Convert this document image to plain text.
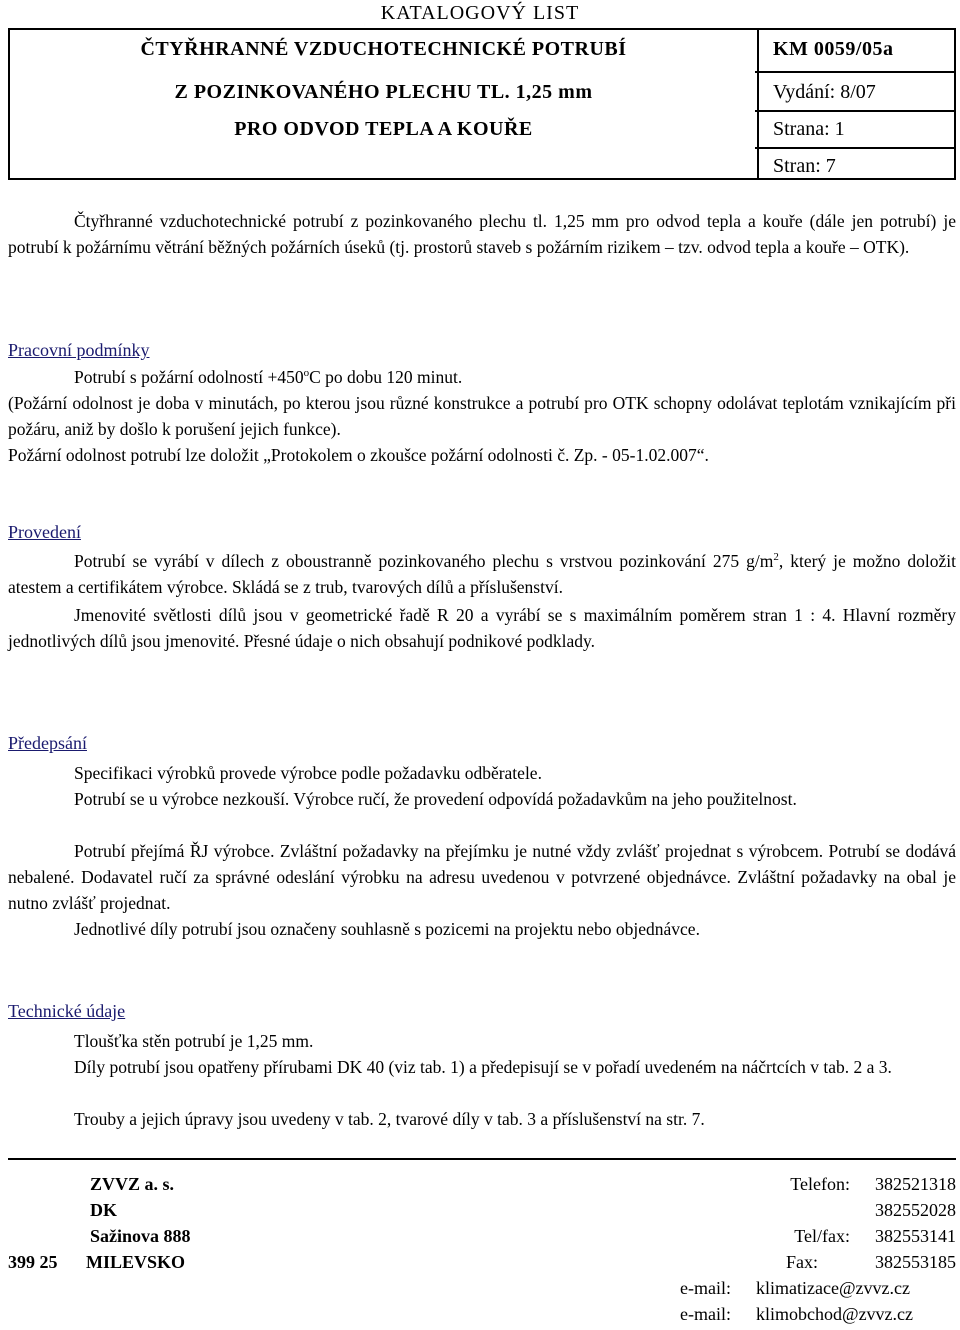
KATALOGOVÝ LIST
ČTYŘHRANNÉ VZDUCHOTECHNICKÉ POTRUBÍ
Z POZINKOVANÉHO PLECHU TL. 1,25 mm
PRO ODVOD TEPLA A KOUŘE
KM 0059/05a
Vydání: 8/07
Strana: 1
Stran: 7
Čtyřhranné vzduchotechnické potrubí z pozinkovaného plechu tl. 1,25 mm pro odvod tepla a kouře (dále jen potrubí) je potrubí k požárnímu větrání běžných požárních úseků (tj. prostorů staveb s požárním rizikem – tzv. odvod tepla a kouře – OTK).
Pracovní podmínky
Potrubí s požární odolností $+450^oC$ po dobu 120 minut.
(Požární odolnost je doba v minutách, po kterou jsou různé konstrukce a potrubí pro OTK schopny odolávat teplotám vznikajícím při požáru, aniž by došlo k porušení jejich funkce).
Požární odolnost potrubí lze doložit „Protokolem o zkoušce požární odolnosti č. Zp. - 05-1.02.007“.
Provedení
Potrubí se vyrábí v dílech z oboustranně pozinkovaného plechu s vrstvou pozinkování 275 $g/m^2$, který je možno doložit atestem a certifikátem výrobce. Skládá se z trub, tvarových dílů a příslušenství.
Jmenovité světlosti dílů jsou v geometrické řadě R 20 a vyrábí se s maximálním poměrem stran 1 : 4. Hlavní rozměry jednotlivých dílů jsou jmenovité. Přesné údaje o nich obsahují podnikové podklady.
Předepsání
Specifikaci výrobků provede výrobce podle požadavku odběratele.
Potrubí se u výrobce nezkouší. Výrobce ručí, že provedení odpovídá požadavkům na jeho použitelnost.
Potrubí přejímá ŘJ výrobce. Zvláštní požadavky na přejímku je nutné vždy zvlášť projednat s výrobcem. Potrubí se dodává nebalené. Dodavatel ručí za správné odeslání výrobku na adresu uvedenou v potvrzené objednávce. Zvláštní požadavky na obal je nutno zvlášť projednat.
Jednotlivé díly potrubí jsou označeny souhlasně s pozicemi na projektu nebo objednávce.
Technické údaje
Tloušťka stěn potrubí je 1,25 mm.
Díly potrubí jsou opatřeny přírubami DK 40 (viz tab. 1) a předepisují se v pořadí uvedeném na náčrtcích v tab. 2 a 3.
Trouby a jejich úpravy jsou uvedeny v tab. 2, tvarové díly v tab. 3 a příslušenství na str. 7.
ZVVZ a. s.
DK
Sažinova 888
399 25 MILEVSKO
Telefon:	382521318
382552028
Tel/fax:	382553141
Fax:	382553185
e-mail: klimatizace@zvvz.cz
e-mail: klimobchod@zvvz.cz
